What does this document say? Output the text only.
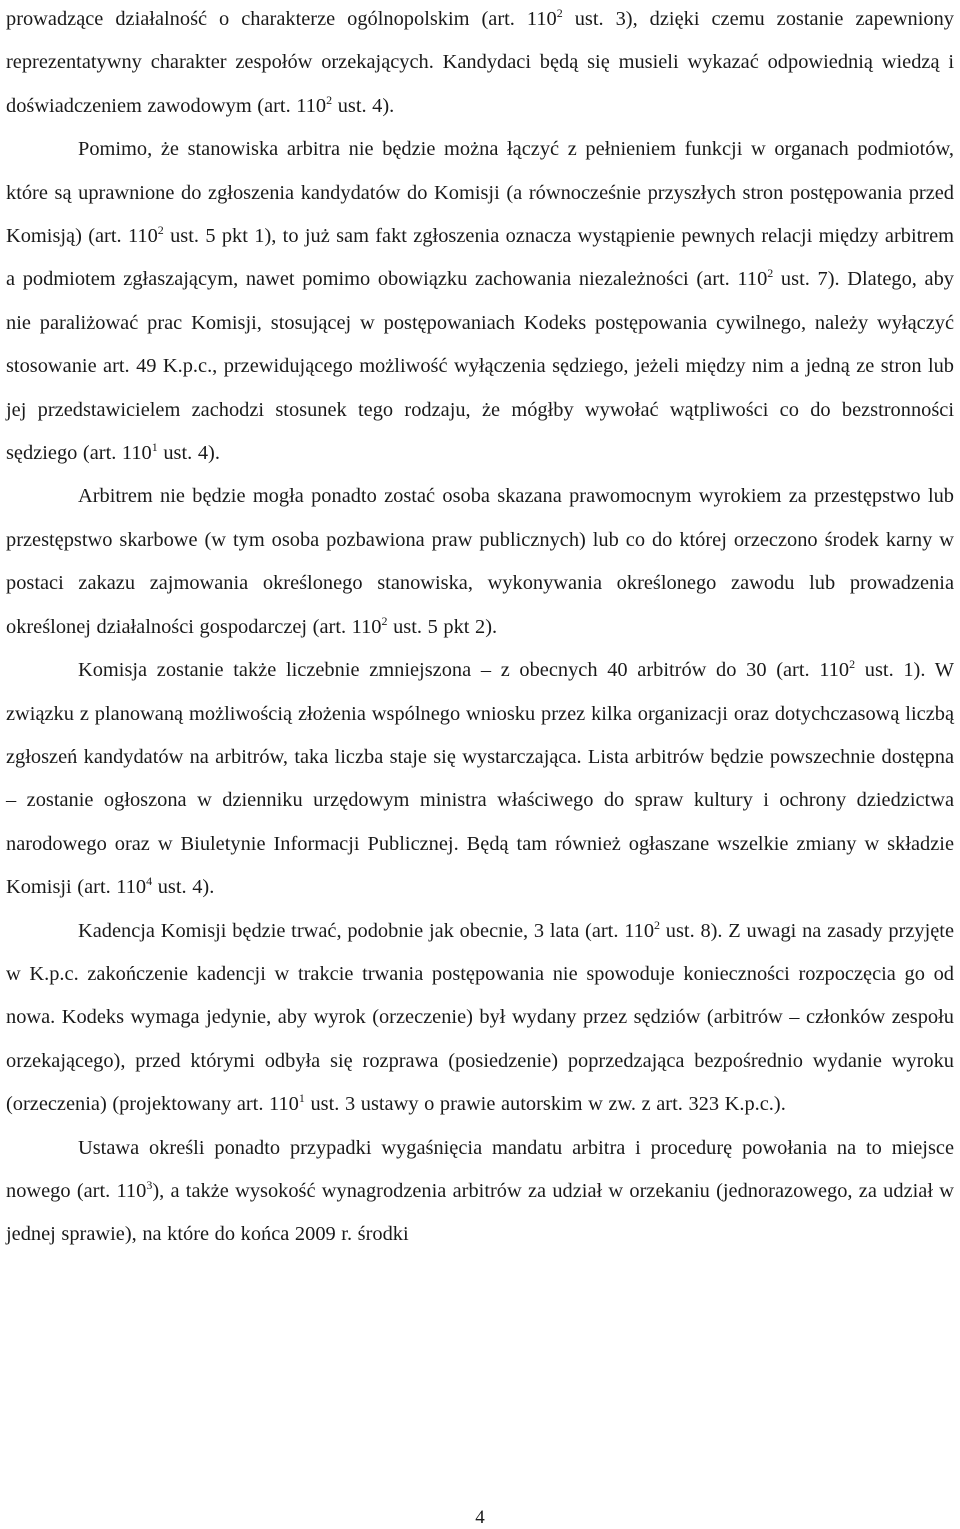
prowadzące działalność o charakterze ogólnopolskim (art. $110^2$ ust. 3), dzięki czemu zostanie zapewniony reprezentatywny charakter zespołów orzekających. Kandydaci będą się musieli wykazać odpowiednią wiedzą i doświadczeniem zawodowym (art. $110^2$ ust. 4).

Pomimo, że stanowiska arbitra nie będzie można łączyć z pełnieniem funkcji w organach podmiotów, które są uprawnione do zgłoszenia kandydatów do Komisji (a równocześnie przyszłych stron postępowania przed Komisją) (art. $110^2$ ust. 5 pkt 1), to już sam fakt zgłoszenia oznacza wystąpienie pewnych relacji między arbitrem a podmiotem zgłaszającym, nawet pomimo obowiązku zachowania niezależności (art. $110^2$ ust. 7). Dlatego, aby nie paraliżować prac Komisji, stosującej w postępowaniach Kodeks postępowania cywilnego, należy wyłączyć stosowanie art. 49 K.p.c., przewidującego możliwość wyłączenia sędziego, jeżeli między nim a jedną ze stron lub jej przedstawicielem zachodzi stosunek tego rodzaju, że mógłby wywołać wątpliwości co do bezstronności sędziego (art. $110^1$ ust. 4).

Arbitrem nie będzie mogła ponadto zostać osoba skazana prawomocnym wyrokiem za przestępstwo lub przestępstwo skarbowe (w tym osoba pozbawiona praw publicznych) lub co do której orzeczono środek karny w postaci zakazu zajmowania określonego stanowiska, wykonywania określonego zawodu lub prowadzenia określonej działalności gospodarczej (art. $110^2$ ust. 5 pkt 2).

Komisja zostanie także liczebnie zmniejszona – z obecnych 40 arbitrów do 30 (art. $110^2$ ust. 1). W związku z planowaną możliwością złożenia wspólnego wniosku przez kilka organizacji oraz dotychczasową liczbą zgłoszeń kandydatów na arbitrów, taka liczba staje się wystarczająca. Lista arbitrów będzie powszechnie dostępna – zostanie ogłoszona w dzienniku urzędowym ministra właściwego do spraw kultury i ochrony dziedzictwa narodowego oraz w Biuletynie Informacji Publicznej. Będą tam również ogłaszane wszelkie zmiany w składzie Komisji (art. $110^4$ ust. 4).

Kadencja Komisji będzie trwać, podobnie jak obecnie, 3 lata (art. $110^2$ ust. 8). Z uwagi na zasady przyjęte w K.p.c. zakończenie kadencji w trakcie trwania postępowania nie spowoduje konieczności rozpoczęcia go od nowa. Kodeks wymaga jedynie, aby wyrok (orzeczenie) był wydany przez sędziów (arbitrów – członków zespołu orzekającego), przed którymi odbyła się rozprawa (posiedzenie) poprzedzająca bezpośrednio wydanie wyroku (orzeczenia) (projektowany art. $110^1$ ust. 3 ustawy o prawie autorskim w zw. z art. 323 K.p.c.).

Ustawa określi ponadto przypadki wygaśnięcia mandatu arbitra i procedurę powołania na to miejsce nowego (art. $110^3$), a także wysokość wynagrodzenia arbitrów za udział w orzekaniu (jednorazowego, za udział w jednej sprawie), na które do końca 2009 r. środki

4
